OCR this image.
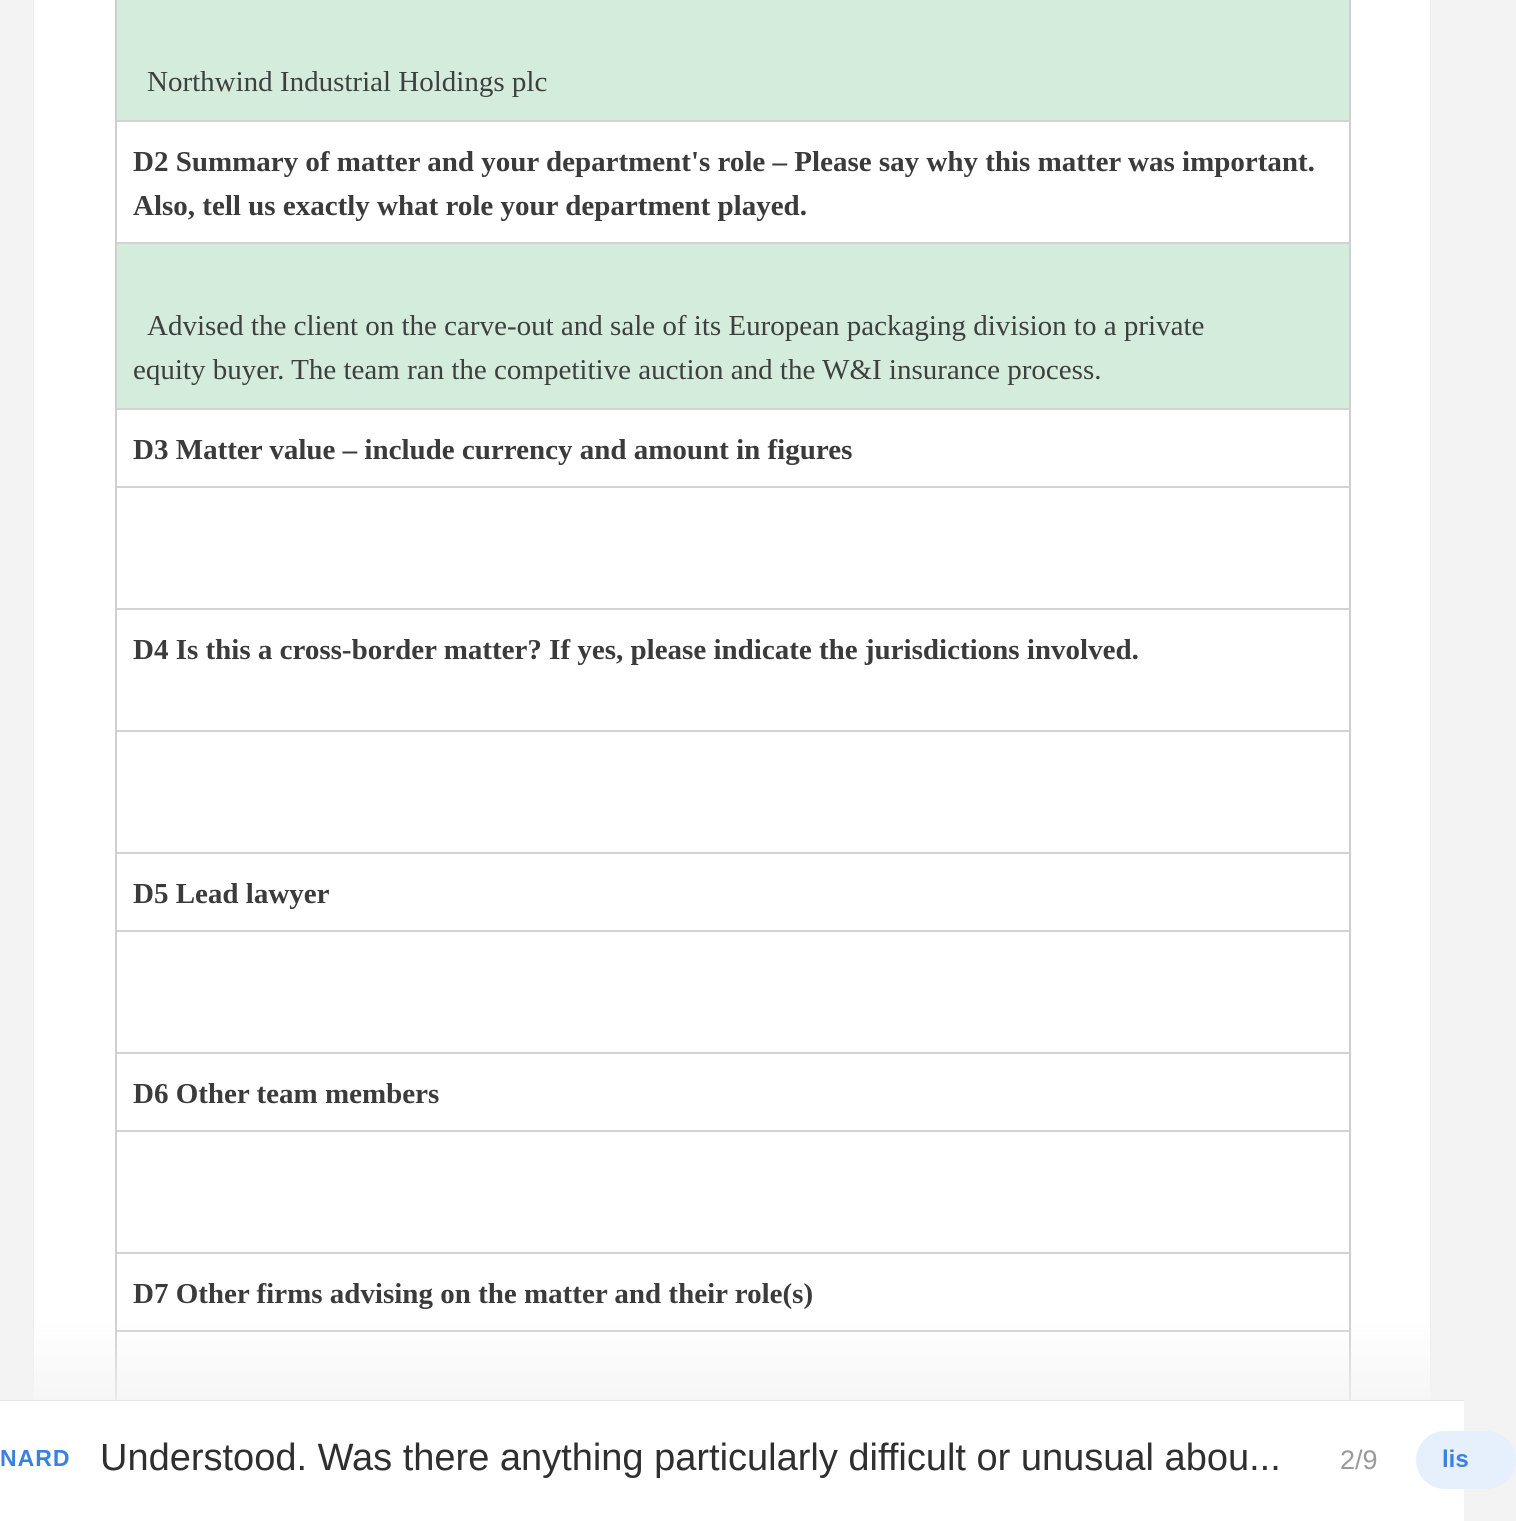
Northwind Industrial Holdings plc
D2 Summary of matter and your department's role – Please say why this matter was important. Also, tell us exactly what role your department played.
Advised the client on the carve-out and sale of its European packaging division to a private
equity buyer. The team ran the competitive auction and the W&I insurance process.
D3 Matter value – include currency and amount in figures
D4 Is this a cross-border matter? If yes, please indicate the jurisdictions involved.
D5 Lead lawyer
D6 Other team members
D7 Other firms advising on the matter and their role(s)
NARD Understood. Was there anything particularly difficult or unusual abou...	2/9	lis
